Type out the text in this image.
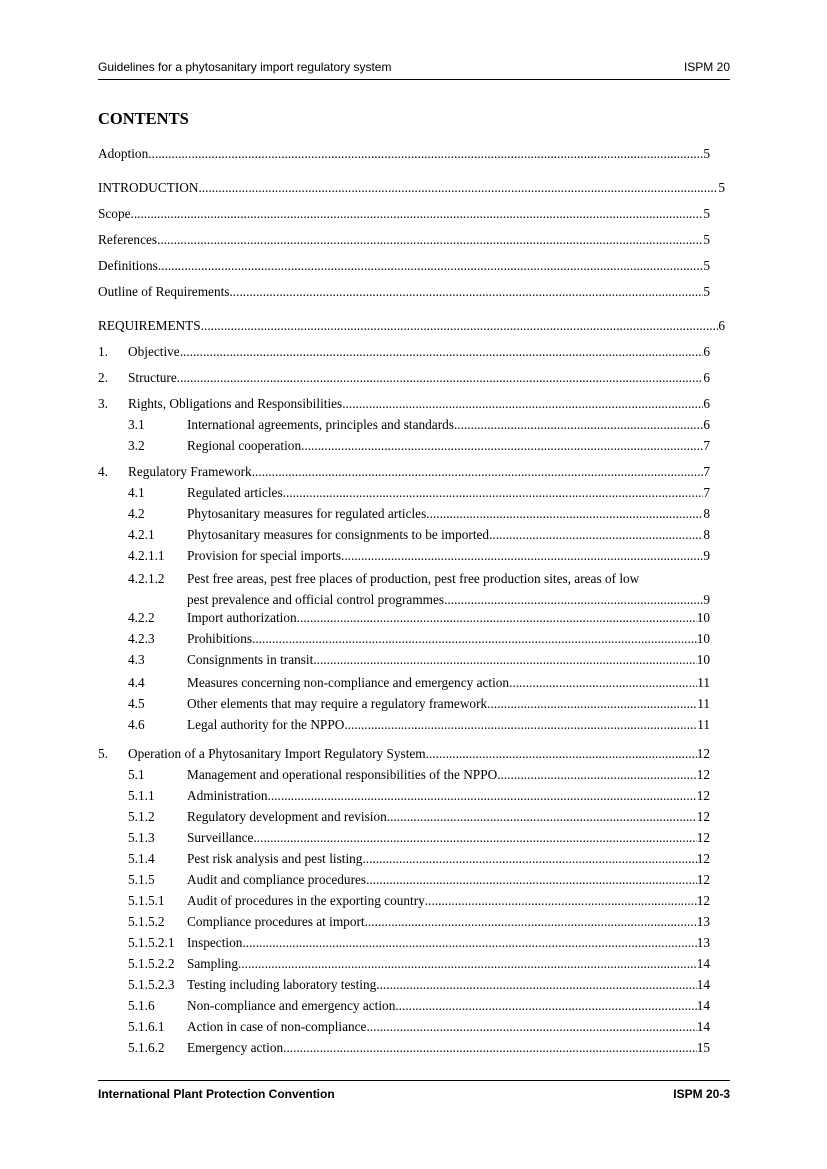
Guidelines for a phytosanitary import regulatory system	ISPM 20
CONTENTS
Adoption .....	5
INTRODUCTION .....	5
Scope .....	5
References .....	5
Definitions .....	5
Outline of Requirements .....	5
REQUIREMENTS .....	6
1. Objective .....	6
2. Structure .....	6
3. Rights, Obligations and Responsibilities .....	6
3.1	International agreements, principles and standards .....	6
3.2	Regional cooperation .....	7
4. Regulatory Framework .....	7
4.1	Regulated articles .....	7
4.2	Phytosanitary measures for regulated articles .....	8
4.2.1 Phytosanitary measures for consignments to be imported .....	8
4.2.1.1 Provision for special imports .....	9
4.2.1.2 Pest free areas, pest free places of production, pest free production sites, areas of low
pest prevalence and official control programmes .....	9
4.2.2 Import authorization .....	10
4.2.3 Prohibitions .....	10
4.3	Consignments in transit .....	10
4.4	Measures concerning non-compliance and emergency action .....	11
4.5	Other elements that may require a regulatory framework .....	11
4.6	Legal authority for the NPPO .....	11
5. Operation of a Phytosanitary Import Regulatory System .....	12
5.1	Management and operational responsibilities of the NPPO .....	12
5.1.1 Administration .....	12
5.1.2 Regulatory development and revision .....	12
5.1.3 Surveillance .....	12
5.1.4 Pest risk analysis and pest listing .....	12
5.1.5 Audit and compliance procedures .....	12
5.1.5.1 Audit of procedures in the exporting country .....	12
5.1.5.2 Compliance procedures at import .....	13
5.1.5.2.1 Inspection .....	13
5.1.5.2.2 Sampling .....	14
5.1.5.2.3 Testing including laboratory testing .....	14
5.1.6 Non-compliance and emergency action .....	14
5.1.6.1 Action in case of non-compliance .....	14
5.1.6.2 Emergency action .....	15
International Plant Protection Convention	ISPM 20-3
